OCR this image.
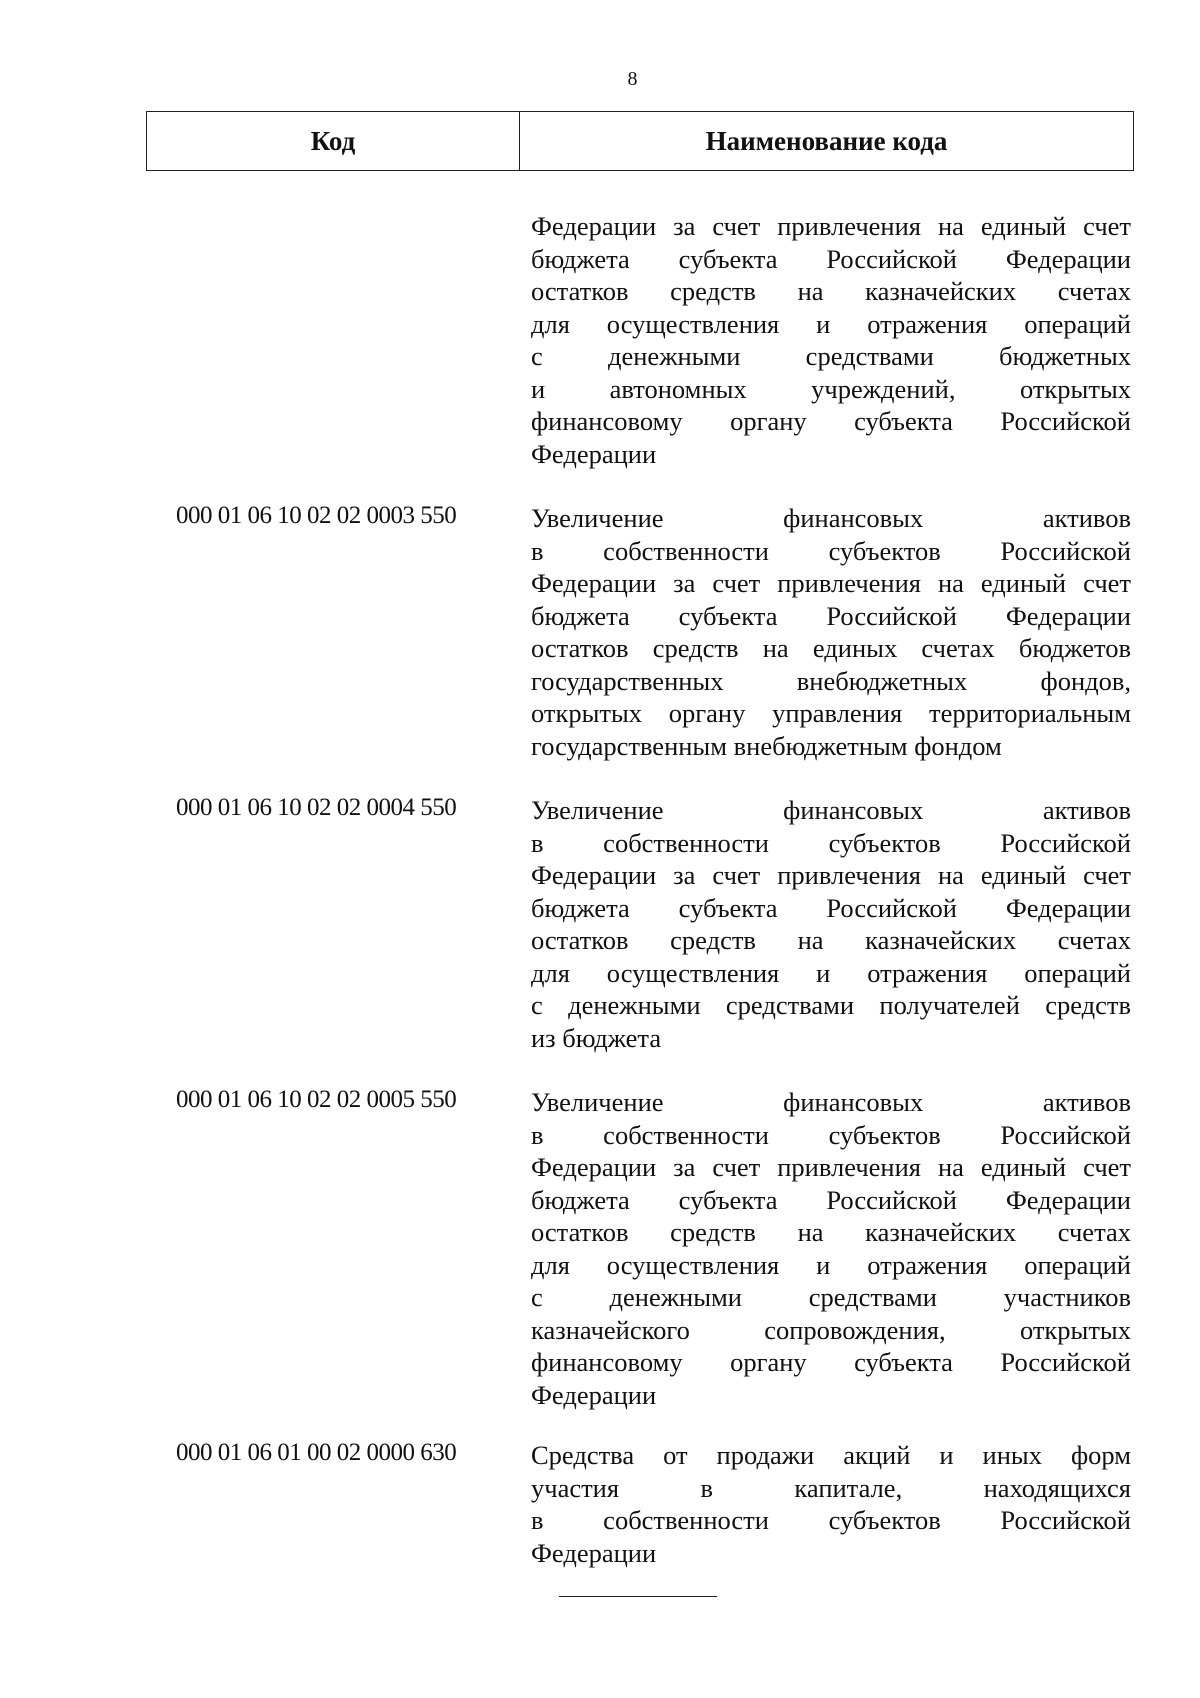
8
Код	Наименование кода
Федерации за счет привлечения на единый счет
бюджета субъекта Российской Федерации
остатков средств на казначейских счетах
для осуществления и отражения операций
с денежными средствами бюджетных
и автономных учреждений, открытых
финансовому органу субъекта Российской
Федерации
000 01 06 10 02 02 0003 550	Увеличение финансовых активов
в собственности субъектов Российской
Федерации за счет привлечения на единый счет
бюджета субъекта Российской Федерации
остатков средств на единых счетах бюджетов
государственных внебюджетных фондов,
открытых органу управления территориальным
государственным внебюджетным фондом
000 01 06 10 02 02 0004 550	Увеличение финансовых активов
в собственности субъектов Российской
Федерации за счет привлечения на единый счет
бюджета субъекта Российской Федерации
остатков средств на казначейских счетах
для осуществления и отражения операций
с денежными средствами получателей средств
из бюджета
000 01 06 10 02 02 0005 550	Увеличение финансовых активов
в собственности субъектов Российской
Федерации за счет привлечения на единый счет
бюджета субъекта Российской Федерации
остатков средств на казначейских счетах
для осуществления и отражения операций
с денежными средствами участников
казначейского сопровождения, открытых
финансовому органу субъекта Российской
Федерации
000 01 06 01 00 02 0000 630	Средства от продажи акций и иных форм
участия в капитале, находящихся
в собственности субъектов Российской
Федерации
